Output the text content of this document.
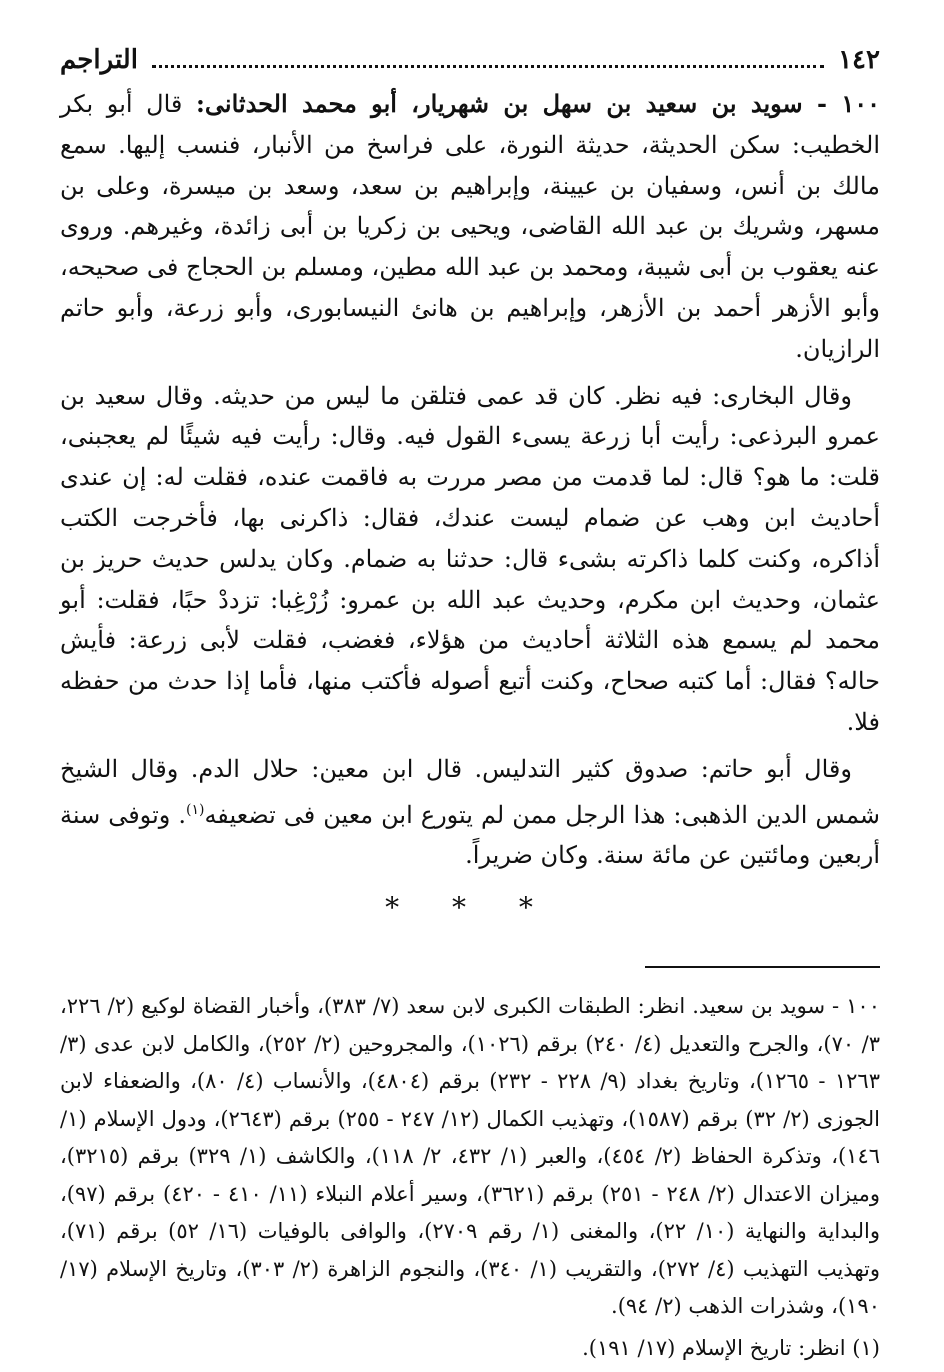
١٤٢
التراجم

١٠٠ - سويد بن سعيد بن سهل بن شهريار، أبو محمد الحدثانى: قال أبو بكر الخطيب: سكن الحديثة، حديثة النورة، على فراسخ من الأنبار، فنسب إليها. سمع مالك بن أنس، وسفيان بن عيينة، وإبراهيم بن سعد، وسعد بن ميسرة، وعلى بن مسهر، وشريك بن عبد الله القاضى، ويحيى بن زكريا بن أبى زائدة، وغيرهم. وروى عنه يعقوب بن أبى شيبة، ومحمد بن عبد الله مطين، ومسلم بن الحجاج فى صحيحه، وأبو الأزهر أحمد بن الأزهر، وإبراهيم بن هانئ النيسابورى، وأبو زرعة، وأبو حاتم الرازيان.

وقال البخارى: فيه نظر. كان قد عمى فتلقن ما ليس من حديثه. وقال سعيد بن عمرو البرذعى: رأيت أبا زرعة يسىء القول فيه. وقال: رأيت فيه شيئًا لم يعجبنى، قلت: ما هو؟ قال: لما قدمت من مصر مررت به فاقمت عنده، فقلت له: إن عندى أحاديث ابن وهب عن ضمام ليست عندك، فقال: ذاكرنى بها، فأخرجت الكتب أذاكره، وكنت كلما ذاكرته بشىء قال: حدثنا به ضمام. وكان يدلس حديث حريز بن عثمان، وحديث ابن مكرم، وحديث عبد الله بن عمرو: زُرْغِبا: تزددْ حبًا، فقلت: أبو محمد لم يسمع هذه الثلاثة أحاديث من هؤلاء، فغضب، فقلت لأبى زرعة: فأيش حاله؟ فقال: أما كتبه صحاح، وكنت أتبع أصوله فأكتب منها، فأما إذا حدث من حفظه فلا.

وقال أبو حاتم: صدوق كثير التدليس. قال ابن معين: حلال الدم. وقال الشيخ شمس الدين الذهبى: هذا الرجل ممن لم يتورع ابن معين فى تضعيفه$^{(١)}$. وتوفى سنة أربعين ومائتين عن مائة سنة. وكان ضريراً.

* * *

١٠٠ - سويد بن سعيد. انظر: الطبقات الكبرى لابن سعد (٧/ ٣٨٣)، وأخبار القضاة لوكيع (٢/ ٢٢٦، ٣/ ٧٠)، والجرح والتعديل (٤/ ٢٤٠) برقم (١٠٢٦)، والمجروحين (٢/ ٢٥٢)، والكامل لابن عدى (٣/ ١٢٦٣ - ١٢٦٥)، وتاريخ بغداد (٩/ ٢٢٨ - ٢٣٢) برقم (٤٨٠٤)، والأنساب (٤/ ٨٠)، والضعفاء لابن الجوزى (٢/ ٣٢) برقم (١٥٨٧)، وتهذيب الكمال (١٢/ ٢٤٧ - ٢٥٥) برقم (٢٦٤٣)، ودول الإسلام (١/ ١٤٦)، وتذكرة الحفاظ (٢/ ٤٥٤)، والعبر (١/ ٤٣٢، ٢/ ١١٨)، والكاشف (١/ ٣٢٩) برقم (٣٢١٥)، وميزان الاعتدال (٢/ ٢٤٨ - ٢٥١) برقم (٣٦٢١)، وسير أعلام النبلاء (١١/ ٤١٠ - ٤٢٠) برقم (٩٧)، والبداية والنهاية (١٠/ ٢٢)، والمغنى (١/ رقم ٢٧٠٩)، والوافى بالوفيات (١٦/ ٥٢) برقم (٧١)، وتهذيب التهذيب (٤/ ٢٧٢)، والتقريب (١/ ٣٤٠)، والنجوم الزاهرة (٢/ ٣٠٣)، وتاريخ الإسلام (١٧/ ١٩٠)، وشذرات الذهب (٢/ ٩٤).

(١) انظر: تاريخ الإسلام (١٧/ ١٩١).
